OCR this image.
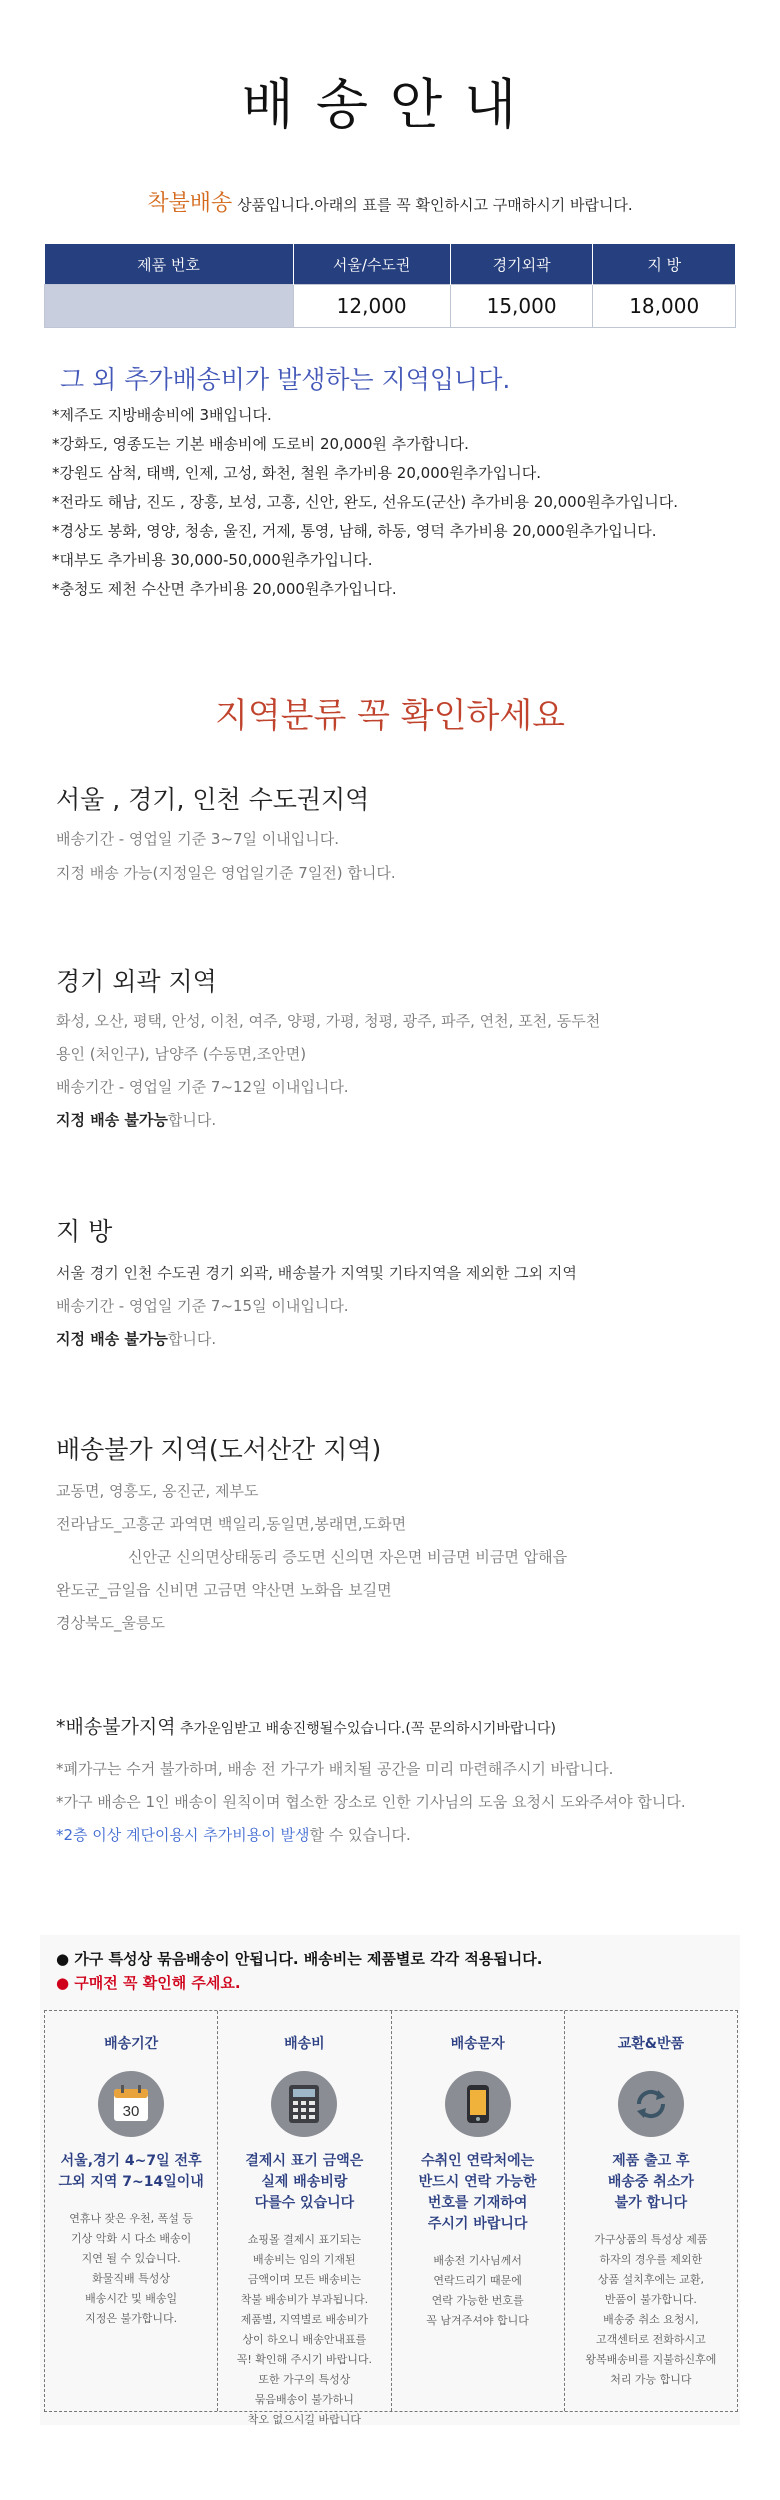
배송안내
착불배송 상품입니다.아래의 표를 꼭 확인하시고 구매하시기 바랍니다.
제품 번호	서울/수도권	경기외곽	지 방
	12,000	15,000	18,000
그 외 추가배송비가 발생하는 지역입니다.
*제주도 지방배송비에 3배입니다.
*강화도, 영종도는 기본 배송비에 도로비 20,000원 추가합니다.
*강원도 삼척, 태백, 인제, 고성, 화천, 철원 추가비용 20,000원추가입니다.
*전라도 해남, 진도 , 장흥, 보성, 고흥, 신안, 완도, 선유도(군산) 추가비용 20,000원추가입니다.
*경상도 봉화, 영양, 청송, 울진, 거제, 통영, 남해, 하동, 영덕 추가비용 20,000원추가입니다.
*대부도 추가비용 30,000-50,000원추가입니다.
*충청도 제천 수산면 추가비용 20,000원추가입니다.
지역분류 꼭 확인하세요
서울 , 경기, 인천 수도권지역
배송기간 - 영업일 기준 3~7일 이내입니다.
지정 배송 가능(지정일은 영업일기준 7일전) 합니다.
경기 외곽 지역
화성, 오산, 평택, 안성, 이천, 여주, 양평, 가평, 청평, 광주, 파주, 연천, 포천, 동두천
용인 (처인구), 남양주 (수동면,조안면)
배송기간 - 영업일 기준 7~12일 이내입니다.
지정 배송 불가능합니다.
지 방
서울 경기 인천 수도권 경기 외곽, 배송불가 지역및 기타지역을 제외한 그외 지역
배송기간 - 영업일 기준 7~15일 이내입니다.
지정 배송 불가능합니다.
배송불가 지역(도서산간 지역)
교동면, 영흥도, 옹진군, 제부도
전라남도_고흥군 과역면 백일리,동일면,봉래면,도화면
신안군 신의면상태동리 증도면 신의면 자은면 비금면 비금면 압해읍
완도군_금일읍 신비면 고금면 약산면 노화읍 보길면
경상북도_울릉도
*배송불가지역 추가운임받고 배송진행될수있습니다.(꼭 문의하시기바랍니다)
*폐가구는 수거 불가하며, 배송 전 가구가 배치될 공간을 미리 마련해주시기 바랍니다.
*가구 배송은 1인 배송이 원칙이며 협소한 장소로 인한 기사님의 도움 요청시 도와주셔야 합니다.
*2층 이상 계단이용시 추가비용이 발생할 수 있습니다.
● 가구 특성상 묶음배송이 안됩니다. 배송비는 제품별로 각각 적용됩니다.
● 구매전 꼭 확인해 주세요.
배송기간
30
서울,경기 4~7일 전후
그외 지역 7~14일이내
연휴나 잦은 우천, 폭설 등
기상 악화 시 다소 배송이
지연 될 수 있습니다.
화물직배 특성상
배송시간 및 배송일
지정은 불가합니다.
배송비
결제시 표기 금액은
실제 배송비랑
다를수 있습니다
쇼핑몰 결제시 표기되는
배송비는 임의 기재된
금액이며 모든 배송비는
착불 배송비가 부과됩니다.
제품별, 지역별로 배송비가
상이 하오니 배송안내표를
꼭! 확인해 주시기 바랍니다.
또한 가구의 특성상
묶음배송이 불가하니
착오 없으시길 바랍니다
배송문자
수취인 연락처에는
반드시 연락 가능한
번호를 기재하여
주시기 바랍니다
배송전 기사님께서
연락드리기 때문에
연락 가능한 번호를
꼭 남겨주셔야 합니다
교환&반품
제품 출고 후
배송중 취소가
불가 합니다
가구상품의 특성상 제품
하자의 경우를 제외한
상품 설치후에는 교환,
반품이 불가합니다.
배송중 취소 요청시,
고객센터로 전화하시고
왕복배송비를 지불하신후에
처리 가능 합니다
